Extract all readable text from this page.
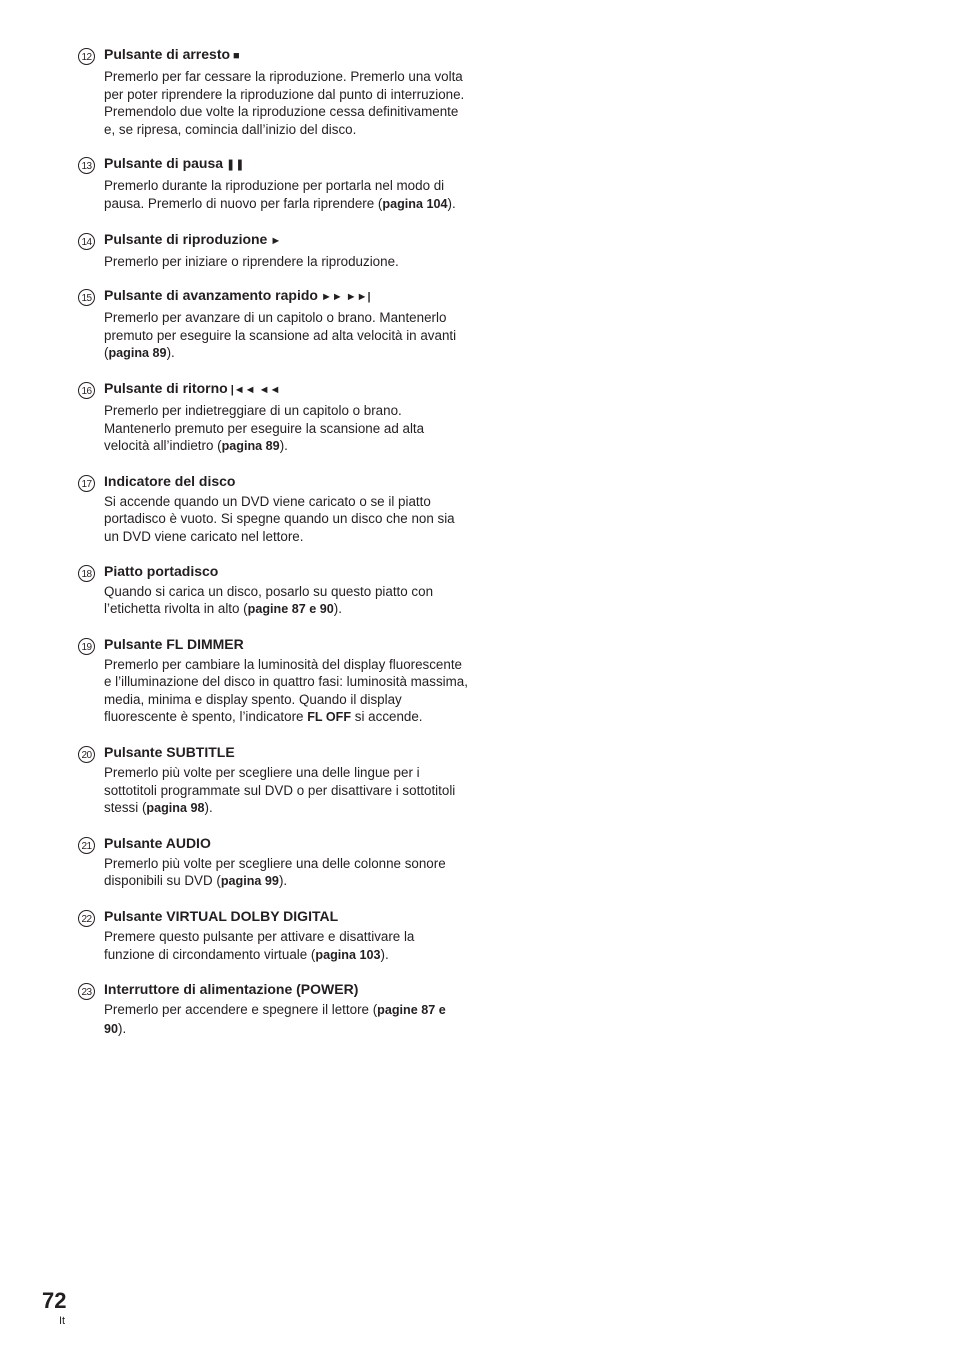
12 Pulsante di arresto ■
Premerlo per far cessare la riproduzione. Premerlo una volta per poter riprendere la riproduzione dal punto di interruzione. Premendolo due volte la riproduzione cessa definitivamente e, se ripresa, comincia dall’inizio del disco.
13 Pulsante di pausa ❚❚
Premerlo durante la riproduzione per portarla nel modo di pausa. Premerlo di nuovo per farla riprendere (pagina 104).
14 Pulsante di riproduzione ►
Premerlo per iniziare o riprendere la riproduzione.
15 Pulsante di avanzamento rapido ►► ►►|
Premerlo per avanzare di un capitolo o brano. Mantenerlo premuto per eseguire la scansione ad alta velocità in avanti (pagina 89).
16 Pulsante di ritorno |◄◄ ◄◄
Premerlo per indietreggiare di un capitolo o brano. Mantenerlo premuto per eseguire la scansione ad alta velocità all’indietro (pagina 89).
17 Indicatore del disco
Si accende quando un DVD viene caricato o se il piatto portadisco è vuoto. Si spegne quando un disco che non sia un DVD viene caricato nel lettore.
18 Piatto portadisco
Quando si carica un disco, posarlo su questo piatto con l’etichetta rivolta in alto (pagine 87 e 90).
19 Pulsante FL DIMMER
Premerlo per cambiare la luminosità del display fluorescente e l’illuminazione del disco in quattro fasi: luminosità massima, media, minima e display spento. Quando il display fluorescente è spento, l’indicatore FL OFF si accende.
20 Pulsante SUBTITLE
Premerlo più volte per scegliere una delle lingue per i sottotitoli programmate sul DVD o per disattivare i sottotitoli stessi (pagina 98).
21 Pulsante AUDIO
Premerlo più volte per scegliere una delle colonne sonore disponibili su DVD (pagina 99).
22 Pulsante VIRTUAL DOLBY DIGITAL
Premere questo pulsante per attivare e disattivare la funzione di circondamento virtuale (pagina 103).
23 Interruttore di alimentazione (POWER)
Premerlo per accendere e spegnere il lettore (pagine 87 e 90).
72
It
